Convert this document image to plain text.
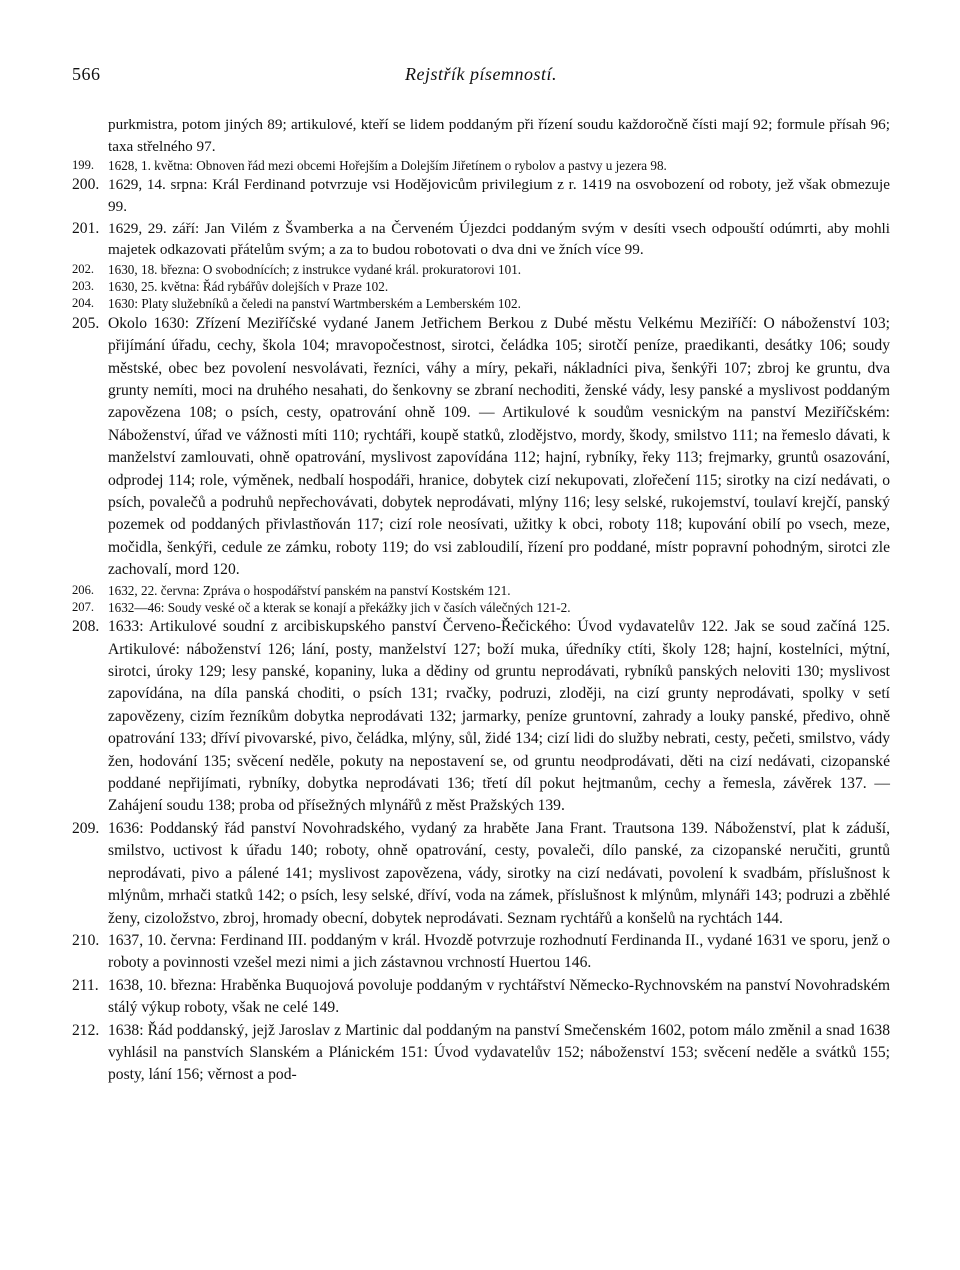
566	Rejstřík písemností.
purkmistra, potom jiných 89; artikulové, kteří se lidem poddaným při řízení soudu každoročně čísti mají 92; formule přísah 96; taxa střelného 97.
199. 1628, 1. května: Obnoven řád mezi obcemi Hořejším a Dolejším Jiřetínem o rybolov a pastvy u jezera 98.
200. 1629, 14. srpna: Král Ferdinand potvrzuje vsi Hodějovicům privilegium z r. 1419 na osvobození od roboty, jež však obmezuje 99.
201. 1629, 29. září: Jan Vilém z Švamberka a na Červeném Újezdci poddaným svým v desíti vsech odpouští odúmrti, aby mohli majetek odkazovati přátelům svým; a za to budou robotovati o dva dni ve žních více 99.
202. 1630, 18. března: O svobodnících; z instrukce vydané král. prokuratorovi 101.
203. 1630, 25. května: Řád rybářův dolejších v Praze 102.
204. 1630: Platy služebníků a čeledi na panství Wartmberském a Lemberském 102.
205. Okolo 1630: Zřízení Meziříčské vydané Janem Jetřichem Berkou z Dubé městu Velkému Meziříčí: O náboženství 103; přijímání úřadu, cechy, škola 104; mravopočestnost, sirotci, čeládka 105; sirotčí peníze, praedikanti, desátky 106; soudy městské, obec bez povolení nesvolávati, řezníci, váhy a míry, pekaři, nákladníci piva, šenkýři 107; zbroj ke gruntu, dva grunty nemíti, moci na druhého nesahati, do šenkovny se zbraní nechoditi, ženské vády, lesy panské a myslivost poddaným zapovězena 108; o psích, cesty, opatrování ohně 109. — Artikulové k soudům vesnickým na panství Meziříčském: Náboženství, úřad ve vážnosti míti 110; rychtáři, koupě statků, zlodějstvo, mordy, škody, smilstvo 111; na řemeslo dávati, k manželství zamlouvati, ohně opatrování, myslivost zapovídána 112; hajní, rybníky, řeky 113; frejmarky, gruntů osazování, odprodej 114; role, výměnek, nedbalí hospodáři, hranice, dobytek cizí nekupovati, zlořečení 115; sirotky na cizí nedávati, o psích, povalečů a podruhů nepřechovávati, dobytek neprodávati, mlýny 116; lesy selské, rukojemství, toulaví krejčí, panský pozemek od poddaných přivlastňován 117; cizí role neosívati, užitky k obci, roboty 118; kupování obilí po vsech, meze, močidla, šenkýři, cedule ze zámku, roboty 119; do vsi zabloudilí, řízení pro poddané, místr popravní pohodným, sirotci zle zachovalí, mord 120.
206. 1632, 22. června: Zpráva o hospodářství panském na panství Kostském 121.
207. 1632—46: Soudy veské oč a kterak se konají a překážky jich v časích válečných 121-2.
208. 1633: Artikulové soudní z arcibiskupského panství Červeno-Řečického: Úvod vydavatelův 122. Jak se soud začíná 125. Artikulové: náboženství 126; lání, posty, manželství 127; boží muka, úředníky ctíti, školy 128; hajní, kostelníci, mýtní, sirotci, úroky 129; lesy panské, kopaniny, luka a dědiny od gruntu neprodávati, rybníků panských neloviti 130; myslivost zapovídána, na díla panská choditi, o psích 131; rvačky, podruzi, zloději, na cizí grunty neprodávati, spolky v setí zapovězeny, cizím řezníkům dobytka neprodávati 132; jarmarky, peníze gruntovní, zahrady a louky panské, předivo, ohně opatrování 133; dříví pivovarské, pivo, čeládka, mlýny, sůl, židé 134; cizí lidi do služby nebrati, cesty, pečeti, smilstvo, vády žen, hodování 135; svěcení neděle, pokuty na nepostavení se, od gruntu neodprodávati, děti na cizí nedávati, cizopanské poddané nepřijímati, rybníky, dobytka neprodávati 136; třetí díl pokut hejtmanům, cechy a řemesla, závěrek 137. — Zahájení soudu 138; proba od přísežných mlynářů z měst Pražských 139.
209. 1636: Poddanský řád panství Novohradského, vydaný za hraběte Jana Frant. Trautsona 139. Náboženství, plat k záduší, smilstvo, uctivost k úřadu 140; roboty, ohně opatrování, cesty, povaleči, dílo panské, za cizopanské neručiti, gruntů neprodávati, pivo a pálené 141; myslivost zapovězena, vády, sirotky na cizí nedávati, povolení k svadbám, příslušnost k mlýnům, mrhači statků 142; o psích, lesy selské, dříví, voda na zámek, příslušnost k mlýnům, mlynáři 143; podruzi a zběhlé ženy, cizoložstvo, zbroj, hromady obecní, dobytek neprodávati. Seznam rychtářů a konšelů na rychtách 144.
210. 1637, 10. června: Ferdinand III. poddaným v král. Hvozdě potvrzuje rozhodnutí Ferdinanda II., vydané 1631 ve sporu, jenž o roboty a povinnosti vzešel mezi nimi a jich zástavnou vrchností Huertou 146.
211. 1638, 10. března: Hraběnka Buquojová povoluje poddaným v rychtářství Německo-Rychnovském na panství Novohradském stálý výkup roboty, však ne celé 149.
212. 1638: Řád poddanský, jejž Jaroslav z Martinic dal poddaným na panství Smečenském 1602, potom málo změnil a snad 1638 vyhlásil na panstvích Slanském a Plánickém 151: Úvod vydavatelův 152; náboženství 153; svěcení neděle a svátků 155; posty, lání 156; věrnost a pod-
